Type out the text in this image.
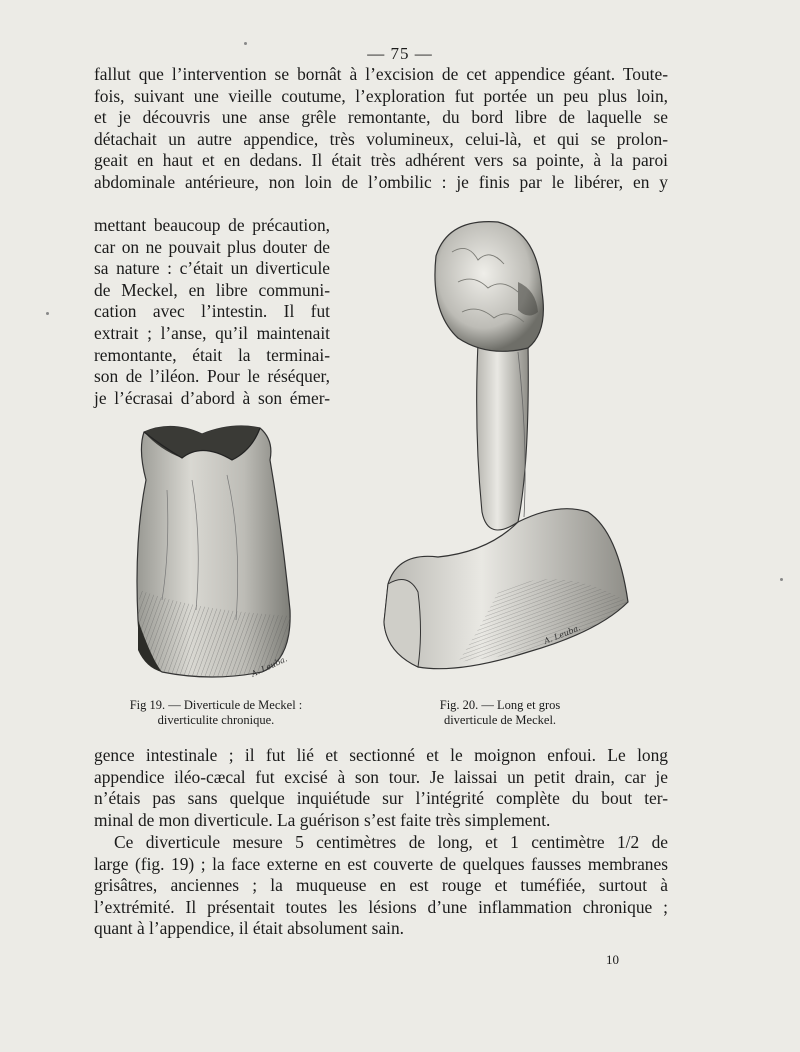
— 75 —
fallut que l’intervention se bornât à l’excision de cet appendice géant. Toute-
fois, suivant une vieille coutume, l’exploration fut portée un peu plus loin,
et je découvris une anse grêle remontante, du bord libre de laquelle se
détachait un autre appendice, très volumineux, celui-là, et qui se prolon-
geait en haut et en dedans. Il était très adhérent vers sa pointe, à la paroi
abdominale antérieure, non loin de l’ombilic : je finis par le libérer, en y
mettant beaucoup de précaution,
car on ne pouvait plus douter de
sa nature : c’était un diverticule
de Meckel, en libre communi-
cation avec l’intestin. Il fut
extrait ; l’anse, qu’il maintenait
remontante, était la terminai-
son de l’iléon. Pour le réséquer,
je l’écrasai d’abord à son émer-
A. Leuba.
A. Leuba.
Fig 19. — Diverticule de Meckel :
diverticulite chronique.
Fig. 20. — Long et gros
diverticule de Meckel.
gence intestinale ; il fut lié et sectionné et le moignon enfoui. Le long
appendice iléo-cæcal fut excisé à son tour. Je laissai un petit drain, car je
n’étais pas sans quelque inquiétude sur l’intégrité complète du bout ter-
minal de mon diverticule. La guérison s’est faite très simplement.
Ce diverticule mesure 5 centimètres de long, et 1 centimètre 1/2 de
large (fig. 19) ; la face externe en est couverte de quelques fausses membranes
grisâtres, anciennes ; la muqueuse en est rouge et tuméfiée, surtout à
l’extrémité. Il présentait toutes les lésions d’une inflammation chronique ;
quant à l’appendice, il était absolument sain.
10
